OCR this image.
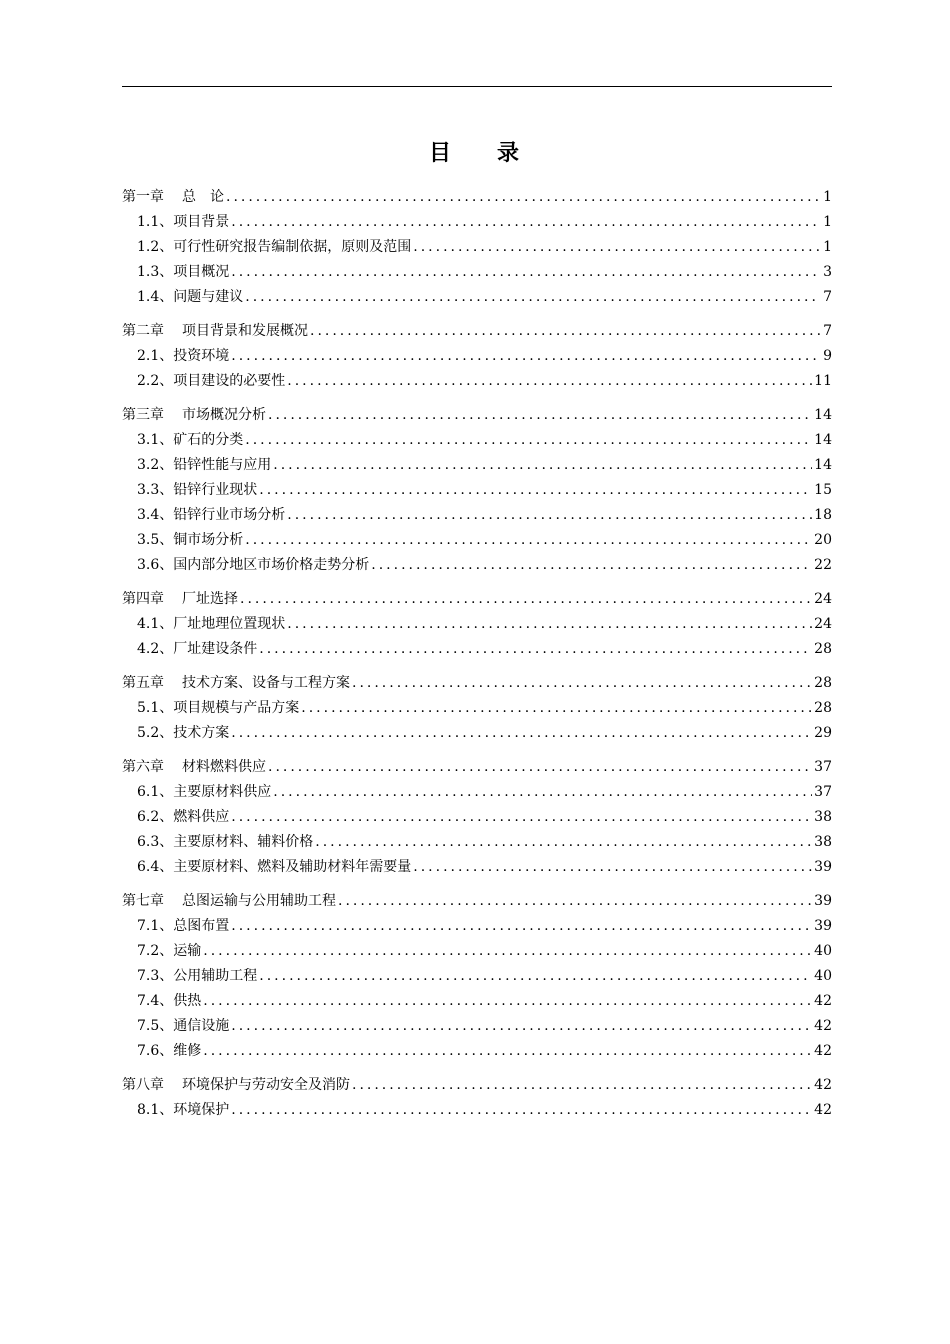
目 录
第一章 总　论 .....	1
1.1、项目背景 .....	1
1.2、可行性研究报告编制依据，原则及范围 .....	1
1.3、项目概况 .....	3
1.4、问题与建议 .....	7
第二章 项目背景和发展概况 .....	7
2.1、投资环境 .....	9
2.2、项目建设的必要性 .....	11
第三章 市场概况分析 .....	14
3.1、矿石的分类 .....	14
3.2、铅锌性能与应用 .....	14
3.3、铅锌行业现状 .....	15
3.4、铅锌行业市场分析 .....	18
3.5、铜市场分析 .....	20
3.6、国内部分地区市场价格走势分析 .....	22
第四章 厂址选择 .....	24
4.1、厂址地理位置现状 .....	24
4.2、厂址建设条件 .....	28
第五章 技术方案、设备与工程方案 .....	28
5.1、项目规模与产品方案 .....	28
5.2、技术方案 .....	29
第六章 材料燃料供应 .....	37
6.1、主要原材料供应 .....	37
6.2、燃料供应 .....	38
6.3、主要原材料、辅料价格 .....	38
6.4、主要原材料、燃料及辅助材料年需要量 .....	39
第七章 总图运输与公用辅助工程 .....	39
7.1、总图布置 .....	39
7.2、运输 .....	40
7.3、公用辅助工程 .....	40
7.4、供热 .....	42
7.5、通信设施 .....	42
7.6、维修 .....	42
第八章 环境保护与劳动安全及消防 .....	42
8.1、环境保护 .....	42
